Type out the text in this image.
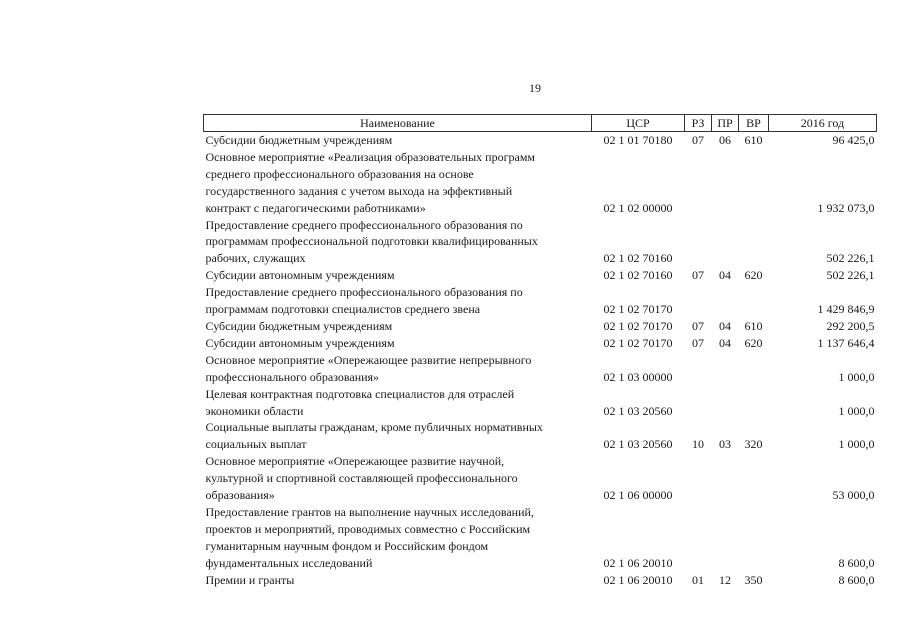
19
Наименование	ЦСР	РЗ	ПР	ВР	2016 год

Субсидии бюджетным учреждениям	02 1 01 70180	07	06	610	96 425,0

Основное мероприятие «Реализация образовательных программ
среднего профессионального образования на основе
государственного задания с учетом выхода на эффективный
контракт с педагогическими работниками»	02 1 02 00000				1 932 073,0

Предоставление среднего профессионального образования по
программам профессиональной подготовки квалифицированных
рабочих, служащих	02 1 02 70160				502 226,1

Субсидии автономным учреждениям	02 1 02 70160	07	04	620	502 226,1

Предоставление среднего профессионального образования по
программам подготовки специалистов среднего звена	02 1 02 70170				1 429 846,9

Субсидии бюджетным учреждениям	02 1 02 70170	07	04	610	292 200,5

Субсидии автономным учреждениям	02 1 02 70170	07	04	620	1 137 646,4

Основное мероприятие «Опережающее развитие непрерывного
профессионального образования»	02 1 03 00000				1 000,0

Целевая контрактная подготовка специалистов для отраслей
экономики области	02 1 03 20560				1 000,0

Социальные выплаты гражданам, кроме публичных нормативных
социальных выплат	02 1 03 20560	10	03	320	1 000,0

Основное мероприятие «Опережающее развитие научной,
культурной и спортивной составляющей профессионального
образования»	02 1 06 00000				53 000,0

Предоставление грантов на выполнение научных исследований,
проектов и мероприятий, проводимых совместно с Российским
гуманитарным научным фондом и Российским фондом
фундаментальных исследований	02 1 06 20010				8 600,0

Премии и гранты	02 1 06 20010	01	12	350	8 600,0
